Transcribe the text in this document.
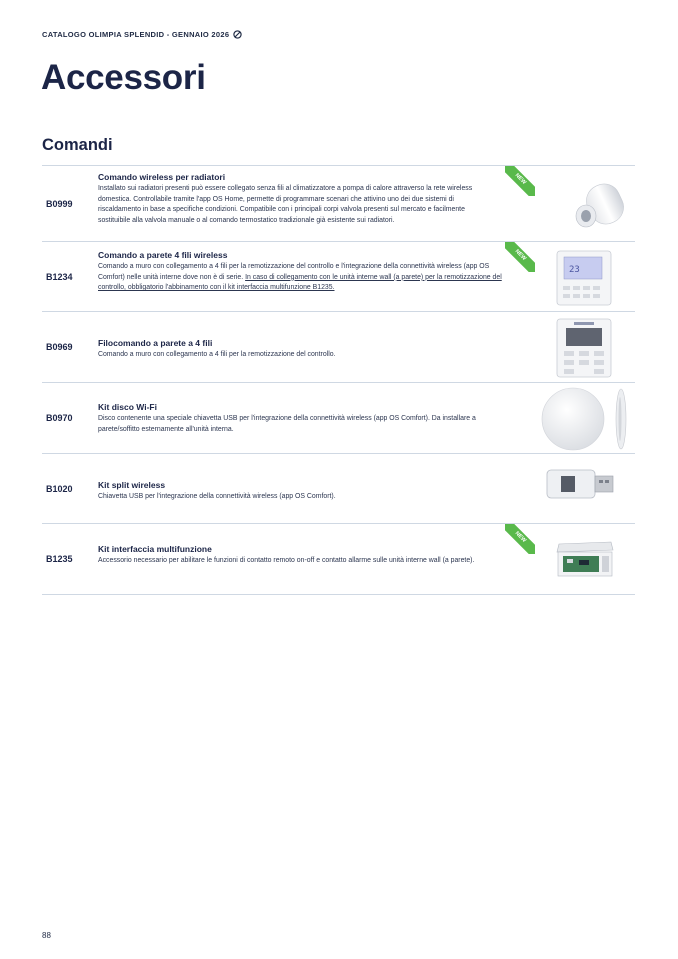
CATALOGO OLIMPIA SPLENDID - GENNAIO 2026
Accessori
Comandi
B0999
Comando wireless per radiatori
Installato sui radiatori presenti può essere collegato senza fili al climatizzatore a pompa di calore attraverso la rete wireless domestica. Controllabile tramite l'app OS Home, permette di programmare scenari che attivino uno dei due sistemi di riscaldamento in base a specifiche condizioni. Compatibile con i principali corpi valvola presenti sul mercato e facilmente sostituibile alla valvola manuale o al comando termostatico tradizionale già esistente sui radiatori.
NEW
B1234
Comando a parete 4 fili wireless
Comando a muro con collegamento a 4 fili per la remotizzazione del controllo e l'integrazione della connettività wireless (app OS Comfort) nelle unità interne dove non è di serie. In caso di collegamento con le unità interne wall (a parete) per la remotizzazione del controllo, obbligatorio l'abbinamento con il kit interfaccia multifunzione B1235.
NEW
23
B0969	Filocomando a parete a 4 fili
Comando a muro con collegamento a 4 fili per la remotizzazione del controllo.
B0970
Kit disco Wi-Fi
Disco contenente una speciale chiavetta USB per l'integrazione della connettività wireless (app OS Comfort). Da installare a parete/soffitto esternamente all'unità interna.
B1020	Kit split wireless
Chiavetta USB per l'integrazione della connettività wireless (app OS Comfort).
B1235
Kit interfaccia multifunzione
Accessorio necessario per abilitare le funzioni di contatto remoto on-off e contatto allarme sulle unità interne wall (a parete).
NEW
88
